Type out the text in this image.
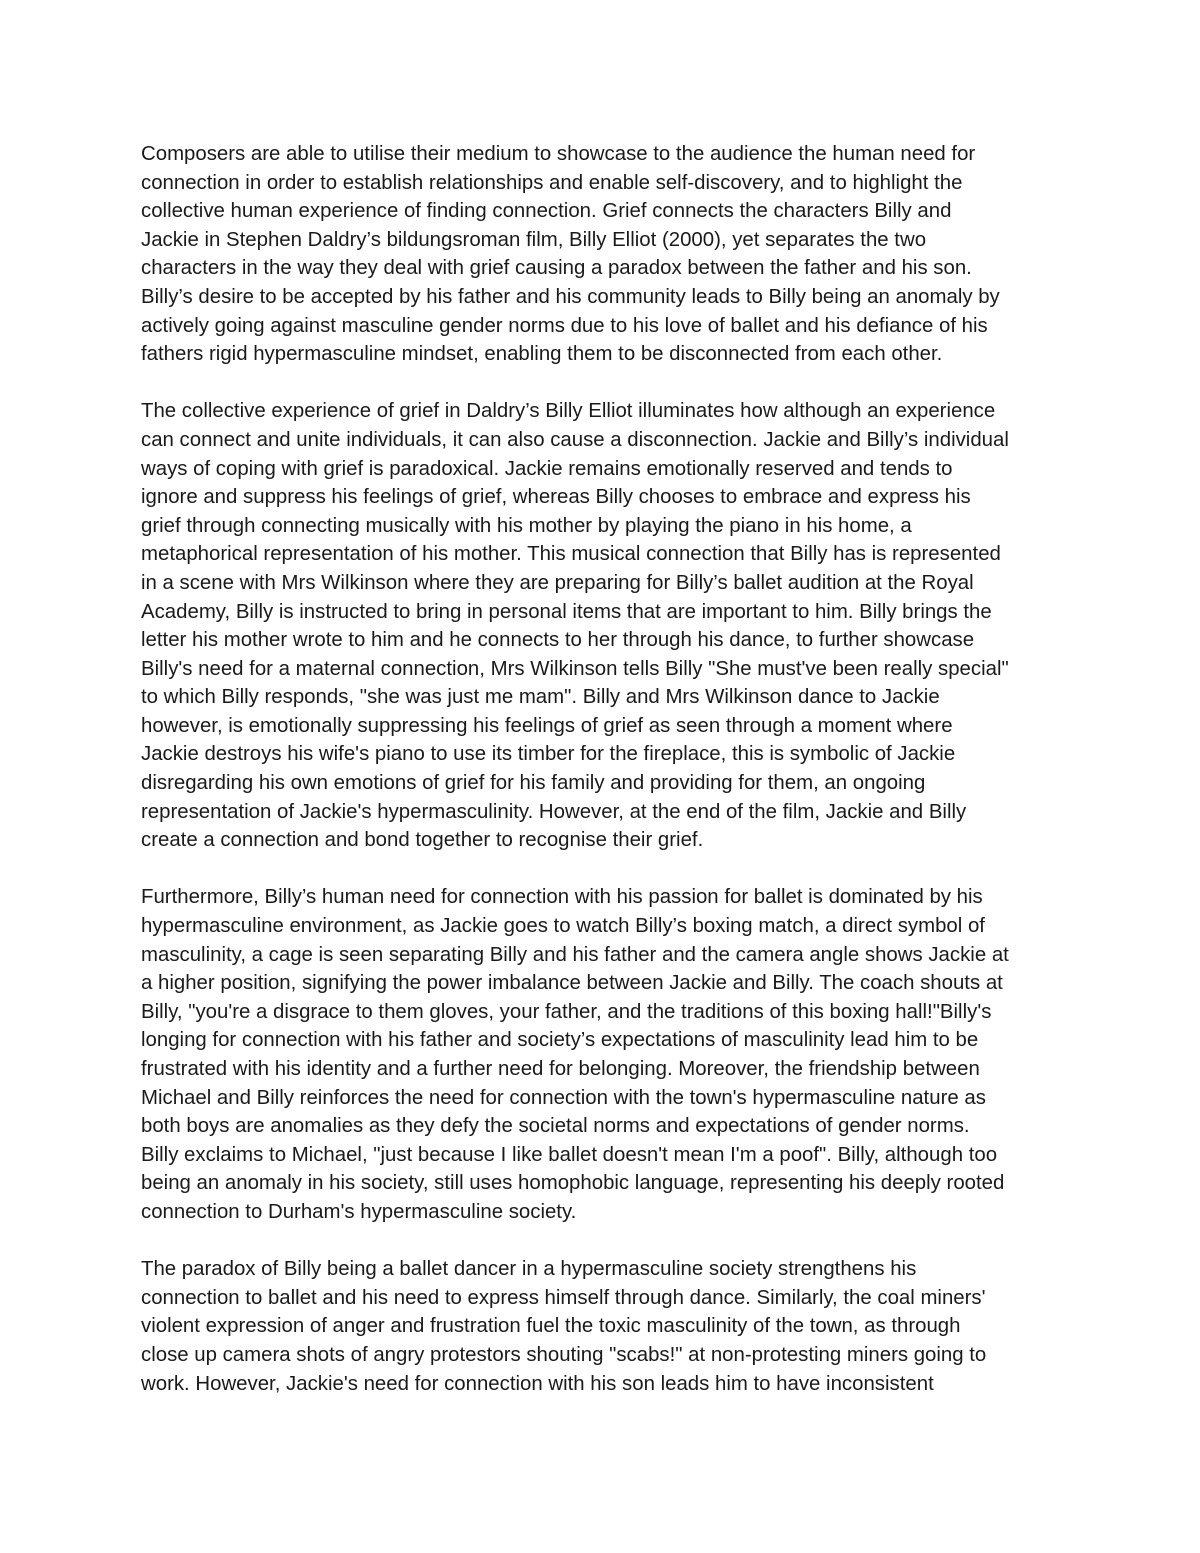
Composers are able to utilise their medium to showcase to the audience the human need for
connection in order to establish relationships and enable self-discovery, and to highlight the
collective human experience of finding connection. Grief connects the characters Billy and
Jackie in Stephen Daldry’s bildungsroman film, Billy Elliot (2000), yet separates the two
characters in the way they deal with grief causing a paradox between the father and his son.
Billy’s desire to be accepted by his father and his community leads to Billy being an anomaly by
actively going against masculine gender norms due to his love of ballet and his defiance of his
fathers rigid hypermasculine mindset, enabling them to be disconnected from each other.

The collective experience of grief in Daldry’s Billy Elliot illuminates how although an experience
can connect and unite individuals, it can also cause a disconnection. Jackie and Billy’s individual
ways of coping with grief is paradoxical. Jackie remains emotionally reserved and tends to
ignore and suppress his feelings of grief, whereas Billy chooses to embrace and express his
grief through connecting musically with his mother by playing the piano in his home, a
metaphorical representation of his mother. This musical connection that Billy has is represented
in a scene with Mrs Wilkinson where they are preparing for Billy’s ballet audition at the Royal
Academy, Billy is instructed to bring in personal items that are important to him. Billy brings the
letter his mother wrote to him and he connects to her through his dance, to further showcase
Billy's need for a maternal connection, Mrs Wilkinson tells Billy "She must've been really special"
to which Billy responds, "she was just me mam". Billy and Mrs Wilkinson dance to Jackie
however, is emotionally suppressing his feelings of grief as seen through a moment where
Jackie destroys his wife's piano to use its timber for the fireplace, this is symbolic of Jackie
disregarding his own emotions of grief for his family and providing for them, an ongoing
representation of Jackie's hypermasculinity. However, at the end of the film, Jackie and Billy
create a connection and bond together to recognise their grief.

Furthermore, Billy’s human need for connection with his passion for ballet is dominated by his
hypermasculine environment, as Jackie goes to watch Billy’s boxing match, a direct symbol of
masculinity, a cage is seen separating Billy and his father and the camera angle shows Jackie at
a higher position, signifying the power imbalance between Jackie and Billy. The coach shouts at
Billy, "you're a disgrace to them gloves, your father, and the traditions of this boxing hall!"Billy's
longing for connection with his father and society’s expectations of masculinity lead him to be
frustrated with his identity and a further need for belonging. Moreover, the friendship between
Michael and Billy reinforces the need for connection with the town's hypermasculine nature as
both boys are anomalies as they defy the societal norms and expectations of gender norms.
Billy exclaims to Michael, "just because I like ballet doesn't mean I'm a poof". Billy, although too
being an anomaly in his society, still uses homophobic language, representing his deeply rooted
connection to Durham's hypermasculine society.

The paradox of Billy being a ballet dancer in a hypermasculine society strengthens his
connection to ballet and his need to express himself through dance. Similarly, the coal miners'
violent expression of anger and frustration fuel the toxic masculinity of the town, as through
close up camera shots of angry protestors shouting "scabs!" at non-protesting miners going to
work. However, Jackie's need for connection with his son leads him to have inconsistent
